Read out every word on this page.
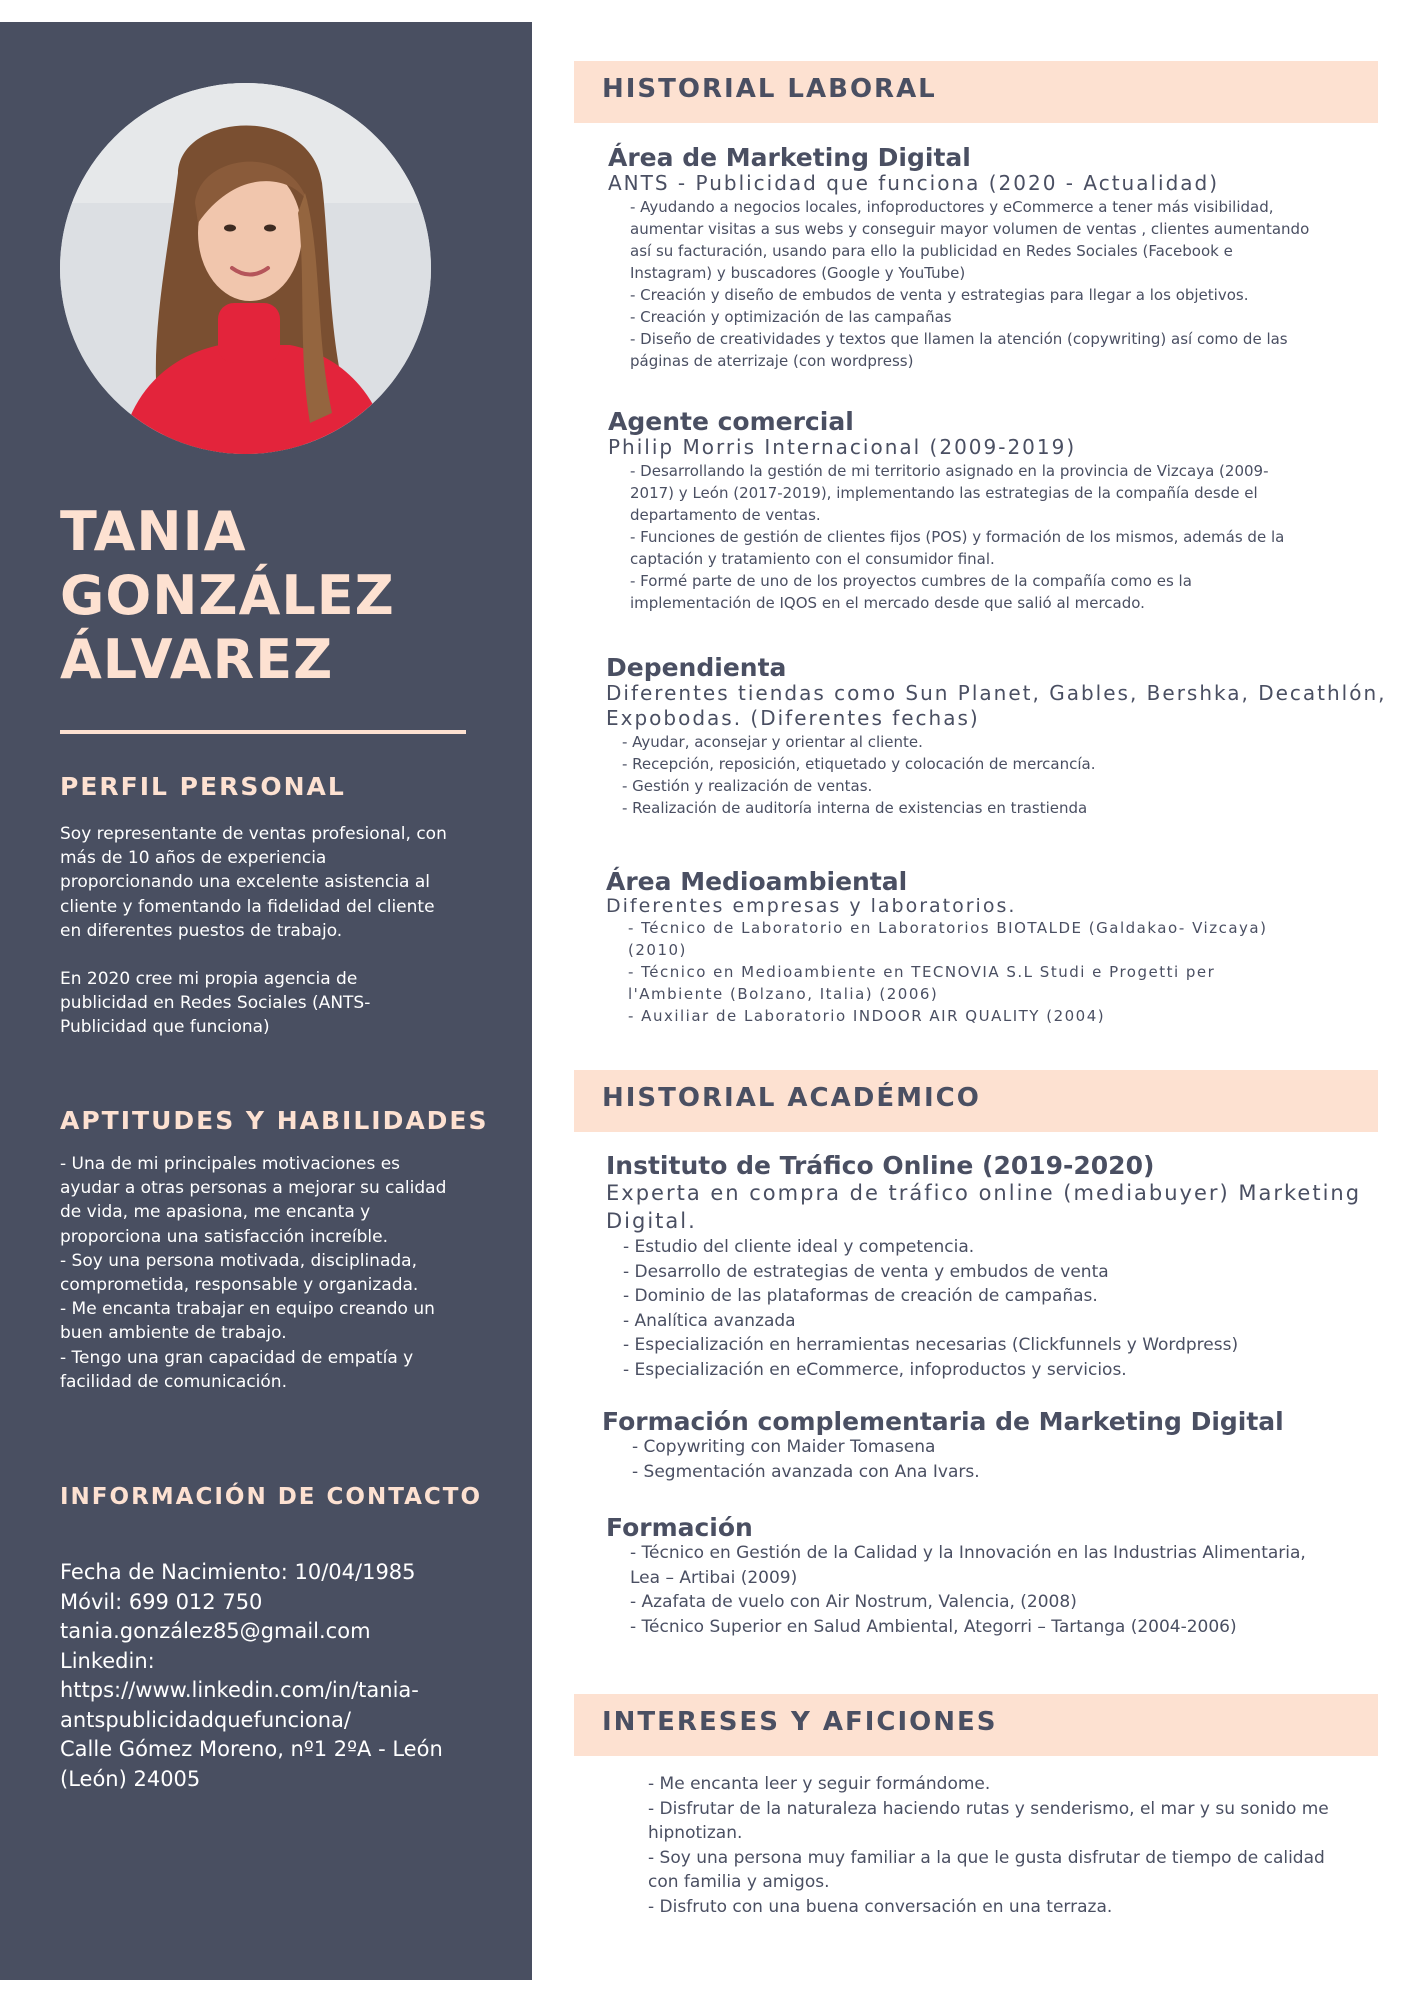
TANIA
GONZÁLEZ
ÁLVAREZ
PERFIL PERSONAL
Soy representante de ventas profesional, con
más de 10 años de experiencia
proporcionando una excelente asistencia al
cliente y fomentando la fidelidad del cliente
en diferentes puestos de trabajo.
En 2020 cree mi propia agencia de
publicidad en Redes Sociales (ANTS-
Publicidad que funciona)
APTITUDES Y HABILIDADES
- Una de mi principales motivaciones es
ayudar a otras personas a mejorar su calidad
de vida, me apasiona, me encanta y
proporciona una satisfacción increíble.
- Soy una persona motivada, disciplinada,
comprometida, responsable y organizada.
- Me encanta trabajar en equipo creando un
buen ambiente de trabajo.
- Tengo una gran capacidad de empatía y
facilidad de comunicación.
INFORMACIÓN DE CONTACTO
Fecha de Nacimiento: 10/04/1985
Móvil: 699 012 750
tania.gonzález85@gmail.com
Linkedin:
https://www.linkedin.com/in/tania-
antspublicidadquefunciona/
Calle Gómez Moreno, nº1 2ºA - León
(León) 24005
HISTORIAL LABORAL
Área de Marketing Digital

ANTS - Publicidad que funciona (2020 - Actualidad)

- Ayudando a negocios locales, infoproductores y eCommerce a tener más visibilidad,
aumentar visitas a sus webs y conseguir mayor volumen de ventas , clientes aumentando
así su facturación, usando para ello la publicidad en Redes Sociales (Facebook e
Instagram) y buscadores (Google y YouTube)
- Creación y diseño de embudos de venta y estrategias para llegar a los objetivos.
- Creación y optimización de las campañas
- Diseño de creatividades y textos que llamen la atención (copywriting) así como de las
páginas de aterrizaje (con wordpress)
Agente comercial

Philip Morris Internacional (2009-2019)

- Desarrollando la gestión de mi territorio asignado en la provincia de Vizcaya (2009-
2017) y León (2017-2019), implementando las estrategias de la compañía desde el
departamento de ventas.
- Funciones de gestión de clientes fijos (POS) y formación de los mismos, además de la
captación y tratamiento con el consumidor final.
- Formé parte de uno de los proyectos cumbres de la compañía como es la
implementación de IQOS en el mercado desde que salió al mercado.
Dependienta

Diferentes tiendas como Sun Planet, Gables, Bershka, Decathlón,

Expobodas. (Diferentes fechas)

- Ayudar, aconsejar y orientar al cliente.
- Recepción, reposición, etiquetado y colocación de mercancía.
- Gestión y realización de ventas.
- Realización de auditoría interna de existencias en trastienda
Área Medioambiental

Diferentes empresas y laboratorios.

- Técnico de Laboratorio en Laboratorios BIOTALDE (Galdakao- Vizcaya)
(2010)
- Técnico en Medioambiente en TECNOVIA S.L Studi e Progetti per
l'Ambiente (Bolzano, Italia) (2006)
- Auxiliar de Laboratorio INDOOR AIR QUALITY (2004)
HISTORIAL ACADÉMICO
Instituto de Tráfico Online (2019-2020)

Experta en compra de tráfico online (mediabuyer) Marketing

Digital.

- Estudio del cliente ideal y competencia.
- Desarrollo de estrategias de venta y embudos de venta
- Dominio de las plataformas de creación de campañas.
- Analítica avanzada
- Especialización en herramientas necesarias (Clickfunnels y Wordpress)
- Especialización en eCommerce, infoproductos y servicios.
Formación complementaria de Marketing Digital
- Copywriting con Maider Tomasena
- Segmentación avanzada con Ana Ivars.
Formación
- Técnico en Gestión de la Calidad y la Innovación en las Industrias Alimentaria,
Lea – Artibai (2009)
- Azafata de vuelo con Air Nostrum, Valencia, (2008)
- Técnico Superior en Salud Ambiental, Ategorri – Tartanga (2004-2006)
INTERESES Y AFICIONES
- Me encanta leer y seguir formándome.
- Disfrutar de la naturaleza haciendo rutas y senderismo, el mar y su sonido me
hipnotizan.
- Soy una persona muy familiar a la que le gusta disfrutar de tiempo de calidad
con familia y amigos.
- Disfruto con una buena conversación en una terraza.
